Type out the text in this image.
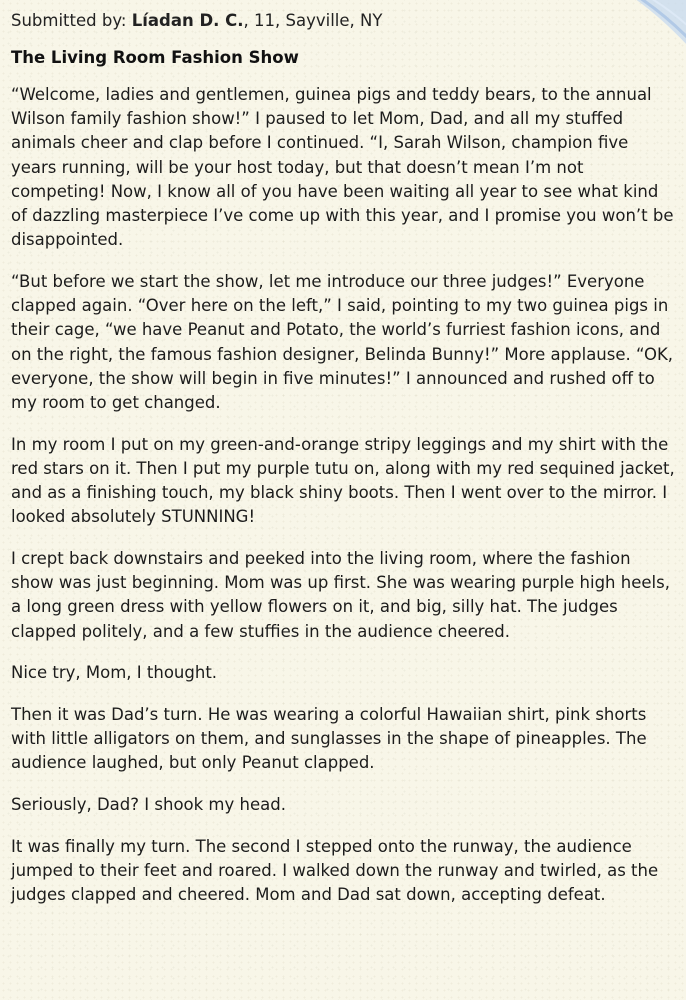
Submitted by: Líadan D. C., 11, Sayville, NY
The Living Room Fashion Show

“Welcome, ladies and gentlemen, guinea pigs and teddy bears, to the annual Wilson family fashion show!” I paused to let Mom, Dad, and all my stuffed animals cheer and clap before I continued. “I, Sarah Wilson, champion five years running, will be your host today, but that doesn’t mean I’m not competing! Now, I know all of you have been waiting all year to see what kind of dazzling masterpiece I’ve come up with this year, and I promise you won’t be disappointed.

“But before we start the show, let me introduce our three judges!” Everyone clapped again. “Over here on the left,” I said, pointing to my two guinea pigs in their cage, “we have Peanut and Potato, the world’s furriest fashion icons, and on the right, the famous fashion designer, Belinda Bunny!” More applause. “OK, everyone, the show will begin in five minutes!” I announced and rushed off to my room to get changed.

In my room I put on my green-and-orange stripy leggings and my shirt with the red stars on it. Then I put my purple tutu on, along with my red sequined jacket, and as a finishing touch, my black shiny boots. Then I went over to the mirror. I looked absolutely STUNNING!

I crept back downstairs and peeked into the living room, where the fashion show was just beginning. Mom was up first. She was wearing purple high heels, a long green dress with yellow flowers on it, and big, silly hat. The judges clapped politely, and a few stuffies in the audience cheered.

Nice try, Mom, I thought.

Then it was Dad’s turn. He was wearing a colorful Hawaiian shirt, pink shorts with little alligators on them, and sunglasses in the shape of pineapples. The audience laughed, but only Peanut clapped.

Seriously, Dad? I shook my head.

It was finally my turn. The second I stepped onto the runway, the audience jumped to their feet and roared. I walked down the runway and twirled, as the judges clapped and cheered. Mom and Dad sat down, accepting defeat.
